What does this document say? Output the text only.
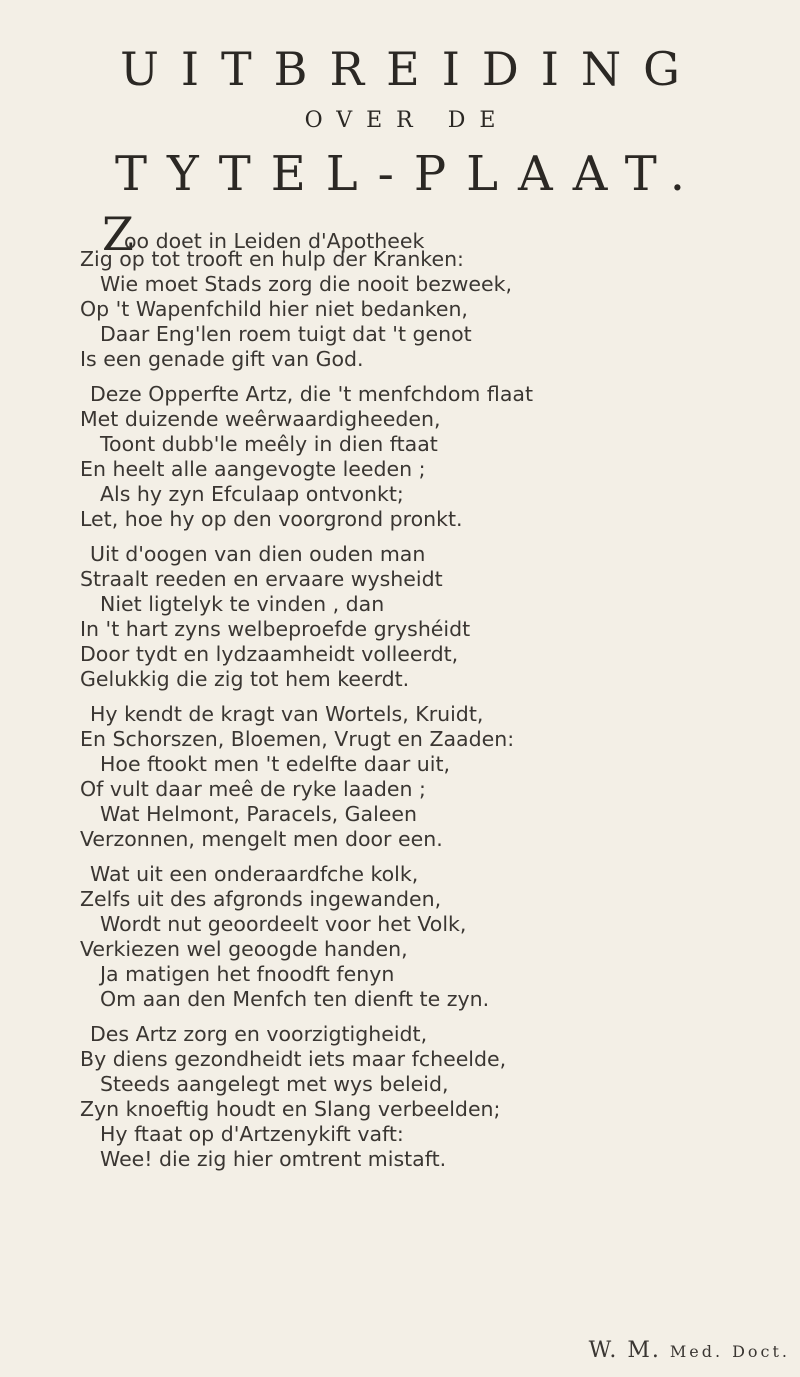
UITBREIDING
OVER DE
TYTEL-PLAAT.
Zoo doet in Leiden d'Apotheek
Zig op tot trooft en hulp der Kranken:
Wie moet Stads zorg die nooit bezweek,
Op 't Wapenfchild hier niet bedanken,
Daar Eng'len roem tuigt dat 't genot
Is een genade gift van God.
Deze Opperfte Artz, die 't menfchdom flaat
Met duizende weêrwaardigheeden,
Toont dubb'le meêly in dien ftaat
En heelt alle aangevogte leeden ;
Als hy zyn Efculaap ontvonkt;
Let, hoe hy op den voorgrond pronkt.
Uit d'oogen van dien ouden man
Straalt reeden en ervaare wysheidt
Niet ligtelyk te vinden , dan
In 't hart zyns welbeproefde gryshéidt
Door tydt en lydzaamheidt volleerdt,
Gelukkig die zig tot hem keerdt.
Hy kendt de kragt van Wortels, Kruidt,
En Schorszen, Bloemen, Vrugt en Zaaden:
Hoe ftookt men 't edelfte daar uit,
Of vult daar meê de ryke laaden ;
Wat Helmont, Paracels, Galeen
Verzonnen, mengelt men door een.
Wat uit een onderaardfche kolk,
Zelfs uit des afgronds ingewanden,
Wordt nut geoordeelt voor het Volk,
Verkiezen wel geoogde handen,
Ja matigen het fnoodft fenyn
Om aan den Menfch ten dienft te zyn.
Des Artz zorg en voorzigtigheidt,
By diens gezondheidt iets maar fcheelde,
Steeds aangelegt met wys beleid,
Zyn knoeftig houdt en Slang verbeelden;
Hy ftaat op d'Artzenykift vaft:
Wee! die zig hier omtrent mistaft.
W. M. Med. Doct.
